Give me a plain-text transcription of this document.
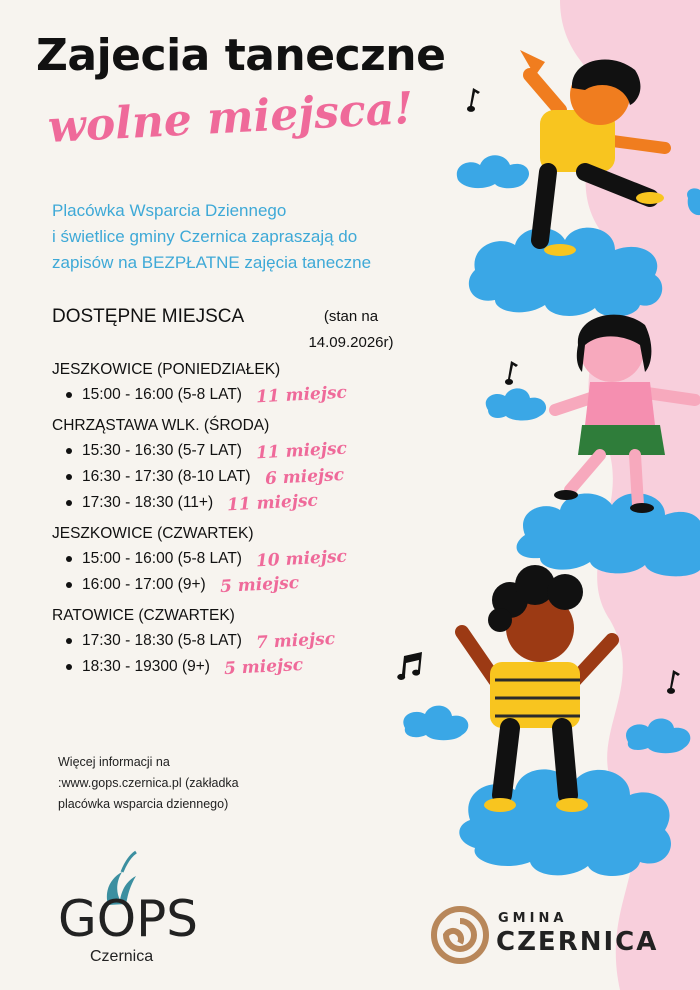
Zajecia taneczne
wolne miejsca!
Placówka Wsparcia Dziennego
i świetlice gminy Czernica zapraszają do
zapisów na BEZPŁATNE zajęcia taneczne
DOSTĘPNE MIEJSCA	(stan na 14.09.2026r)
JESZKOWICE (PONIEDZIAŁEK)
15:00 - 16:00 (5-8 LAT) 11 miejsc
CHRZĄSTAWA WLK. (ŚRODA)
15:30 - 16:30 (5-7 LAT) 11 miejsc
16:30 - 17:30 (8-10 LAT) 6 miejsc
17:30 - 18:30 (11+) 11 miejsc
JESZKOWICE (CZWARTEK)
15:00 - 16:00 (5-8 LAT) 10 miejsc
16:00 - 17:00 (9+) 5 miejsc
RATOWICE (CZWARTEK)
17:30 - 18:30 (5-8 LAT) 7 miejsc
18:30 - 19300 (9+) 5 miejsc
Więcej informacji na
:www.gops.czernica.pl (zakładka
placówka wsparcia dziennego)
GOPS
Czernica
GMINA
CZERNICA
